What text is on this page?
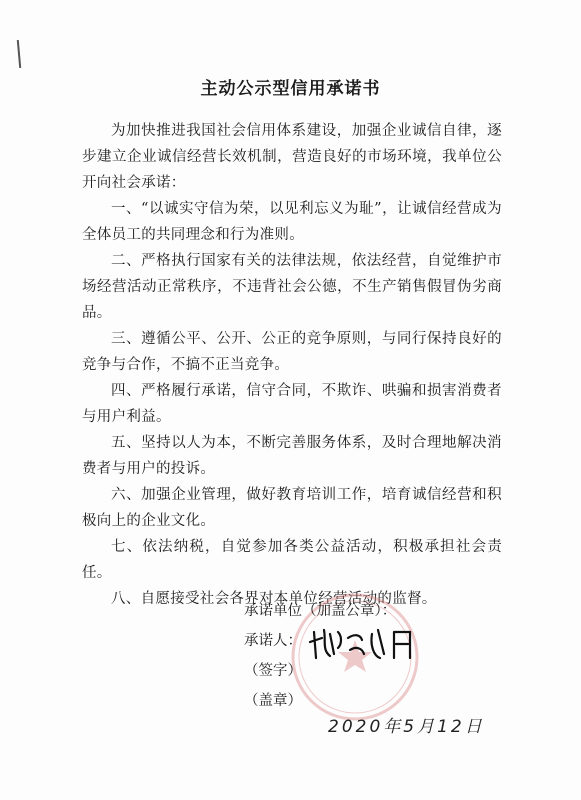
主动公示型信用承诺书

为加快推进我国社会信用体系建设，加强企业诚信自律，逐步建立企业诚信经营长效机制，营造良好的市场环境，我单位公开向社会承诺：

一、“以诚实守信为荣，以见利忘义为耻”，让诚信经营成为全体员工的共同理念和行为准则。

二、严格执行国家有关的法律法规，依法经营，自觉维护市场经营活动正常秩序，不违背社会公德，不生产销售假冒伪劣商品。

三、遵循公平、公开、公正的竞争原则，与同行保持良好的竞争与合作，不搞不正当竞争。

四、严格履行承诺，信守合同，不欺诈、哄骗和损害消费者与用户利益。

五、坚持以人为本，不断完善服务体系，及时合理地解决消费者与用户的投诉。

六、加强企业管理，做好教育培训工作，培育诚信经营和积极向上的企业文化。

七、依法纳税，自觉参加各类公益活动，积极承担社会责任。

八、自愿接受社会各界对本单位经营活动的监督。

承诺单位（加盖公章）：
承诺人：
（签字）
（盖章）
2020年5月12日
